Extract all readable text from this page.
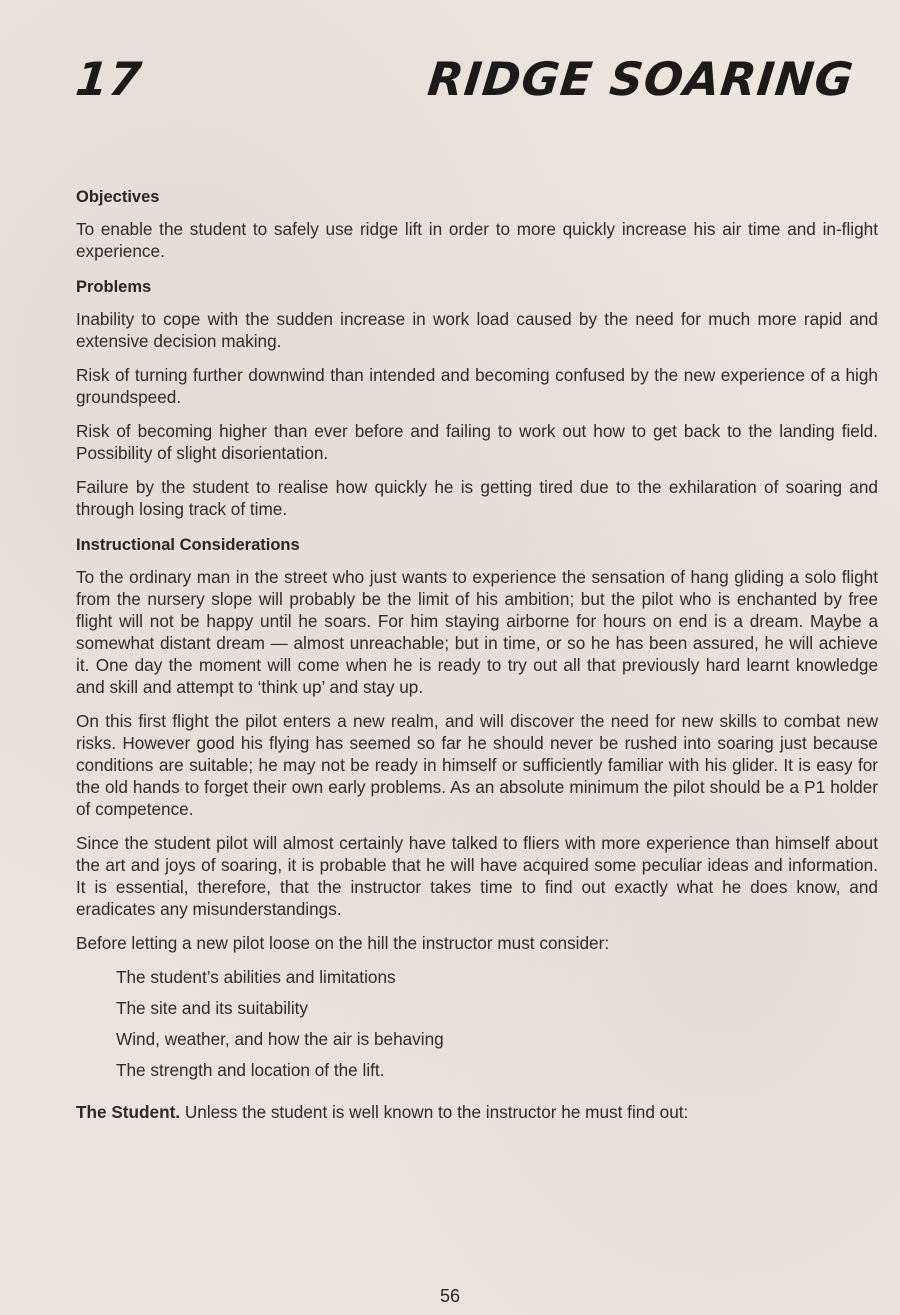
17	RIDGE SOARING
Objectives

To enable the student to safely use ridge lift in order to more quickly increase his air time and in-flight experience.

Problems

Inability to cope with the sudden increase in work load caused by the need for much more rapid and extensive decision making.

Risk of turning further downwind than intended and becoming confused by the new experience of a high groundspeed.

Risk of becoming higher than ever before and failing to work out how to get back to the landing field. Possibility of slight disorientation.

Failure by the student to realise how quickly he is getting tired due to the exhilaration of soaring and through losing track of time.

Instructional Considerations

To the ordinary man in the street who just wants to experience the sensation of hang gliding a solo flight from the nursery slope will probably be the limit of his ambition; but the pilot who is enchanted by free flight will not be happy until he soars. For him staying airborne for hours on end is a dream. Maybe a somewhat distant dream — almost unreachable; but in time, or so he has been assured, he will achieve it. One day the moment will come when he is ready to try out all that previously hard learnt knowledge and skill and attempt to ‘think up’ and stay up.

On this first flight the pilot enters a new realm, and will discover the need for new skills to combat new risks. However good his flying has seemed so far he should never be rushed into soaring just because conditions are suitable; he may not be ready in himself or sufficiently familiar with his glider. It is easy for the old hands to forget their own early problems. As an absolute minimum the pilot should be a P1 holder of competence.

Since the student pilot will almost certainly have talked to fliers with more experience than himself about the art and joys of soaring, it is probable that he will have acquired some peculiar ideas and information. It is essential, therefore, that the instructor takes time to find out exactly what he does know, and eradicates any misunderstandings.

Before letting a new pilot loose on the hill the instructor must consider:

The student’s abilities and limitations
The site and its suitability
Wind, weather, and how the air is behaving
The strength and location of the lift.

The Student. Unless the student is well known to the instructor he must find out:

56
